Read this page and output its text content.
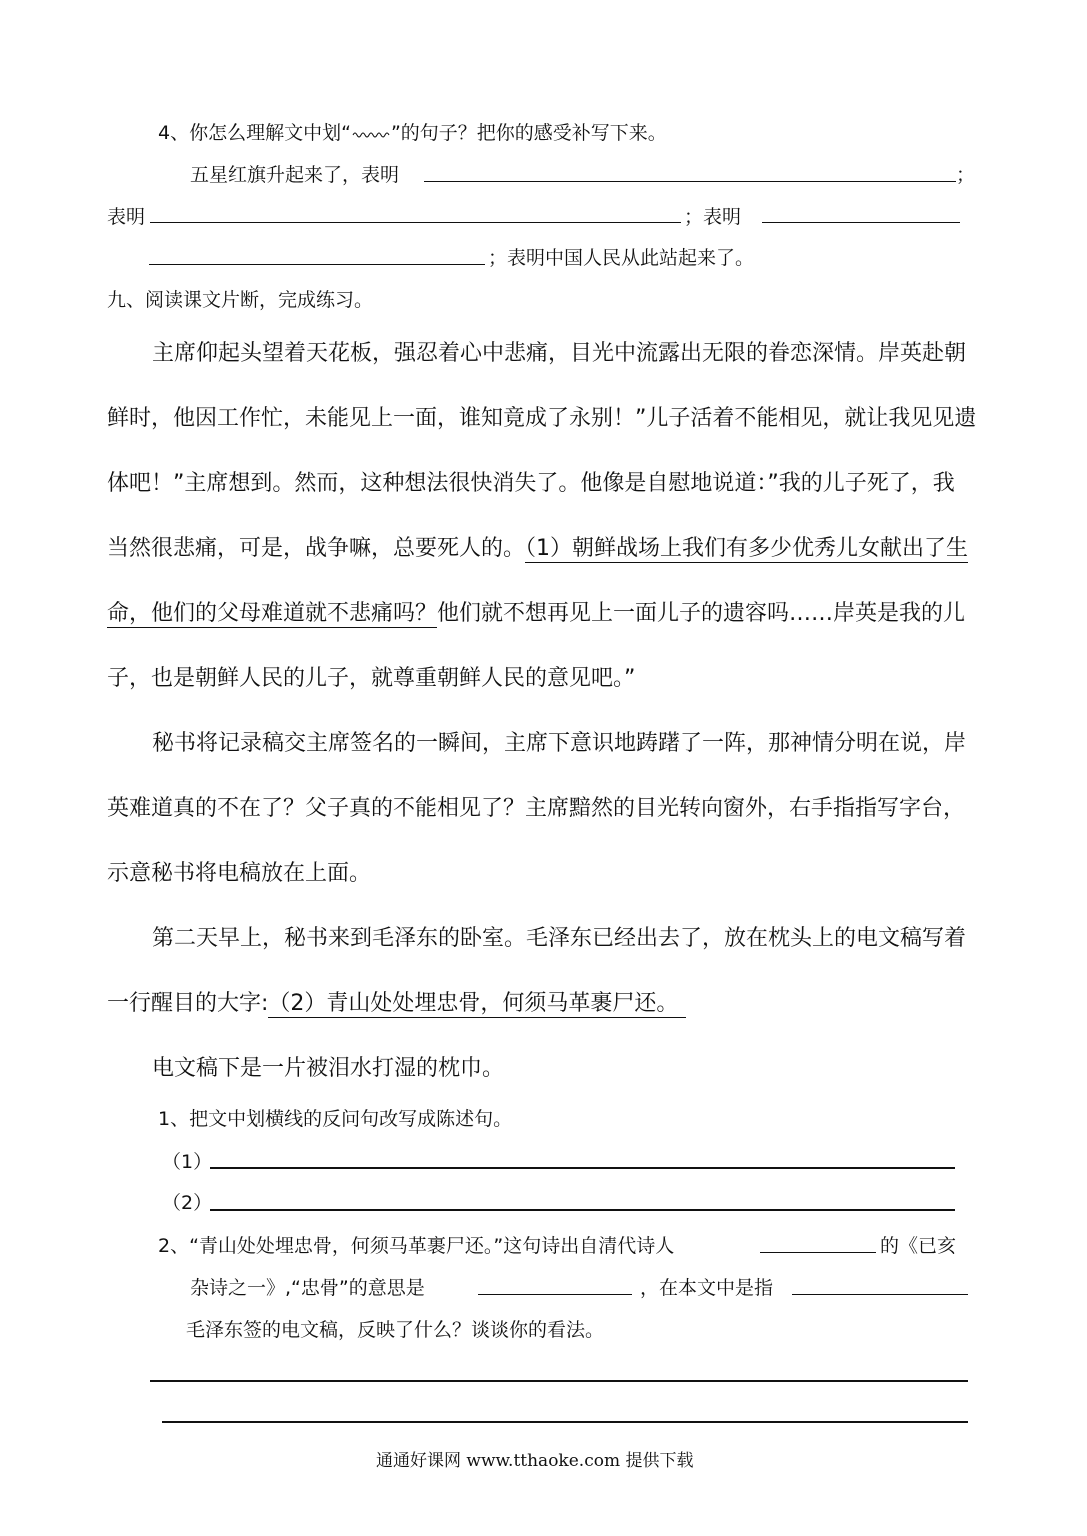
4、你怎么理解文中划“ ”的句子？把你的感受补写下来。
五星红旗升起来了，表明	；
表明	；表明
；表明中国人民从此站起来了。
九、阅读课文片断，完成练习。
主席仰起头望着天花板，强忍着心中悲痛，目光中流露出无限的眷恋深情。岸英赴朝
鲜时，他因工作忙，未能见上一面，谁知竟成了永别！”儿子活着不能相见，就让我见见遗
体吧！”主席想到。然而，这种想法很快消失了。他像是自慰地说道：”我的儿子死了，我
当然很悲痛，可是，战争嘛，总要死人的。（1）朝鲜战场上我们有多少优秀儿女献出了生
命，他们的父母难道就不悲痛吗？他们就不想再见上一面儿子的遗容吗……岸英是我的儿
子，也是朝鲜人民的儿子，就尊重朝鲜人民的意见吧。”
秘书将记录稿交主席签名的一瞬间，主席下意识地踌躇了一阵，那神情分明在说，岸
英难道真的不在了？父子真的不能相见了？主席黯然的目光转向窗外，右手指指写字台，
示意秘书将电稿放在上面。
第二天早上，秘书来到毛泽东的卧室。毛泽东已经出去了，放在枕头上的电文稿写着
一行醒目的大字:（2）青山处处埋忠骨，何须马革裹尸还。
电文稿下是一片被泪水打湿的枕巾。
1、把文中划横线的反问句改写成陈述句。
（1）
（2）
2、“青山处处埋忠骨，何须马革裹尸还。”这句诗出自清代诗人	的《已亥
杂诗之一》,“忠骨”的意思是	，在本文中是指
毛泽东签的电文稿，反映了什么？谈谈你的看法。
通通好课网 www.tthaoke.com 提供下载
